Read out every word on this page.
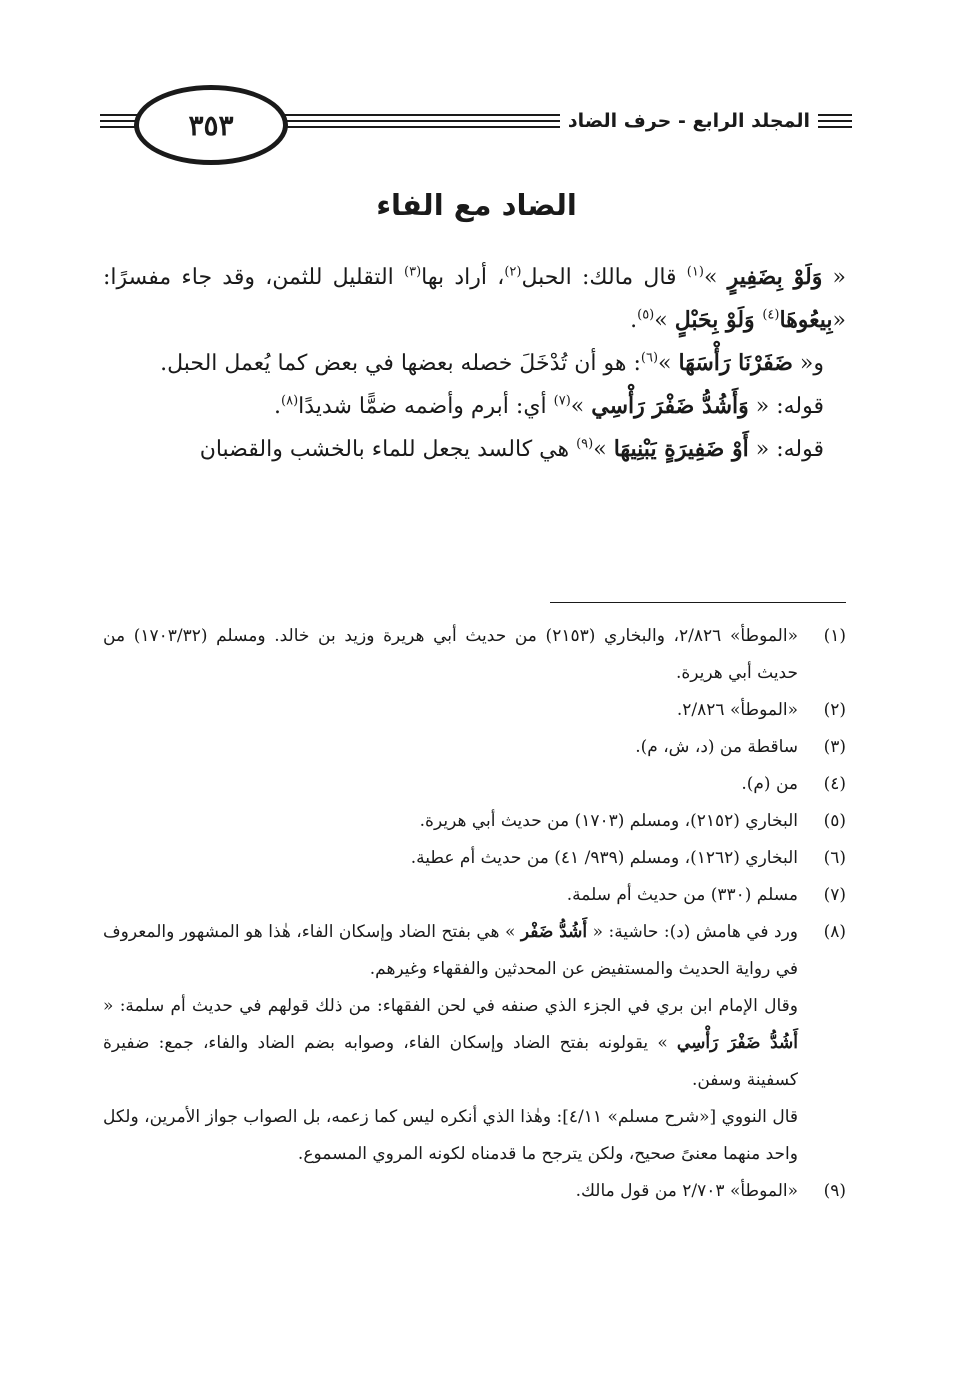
٣٥٣	المجلد الرابع - حرف الضاد
الضاد مع الفاء

« وَلَوْ بِضَفِيرٍ »$^{(١)}$ قال مالك: الحبل$^{(٢)}$، أراد بها$^{(٣)}$ التقليل للثمن، وقد جاء مفسرًا: «بِيعُوهَا$^{(٤)}$ وَلَوْ بِحَبْلٍ »$^{(٥)}$.

و« ضَفَرْنَا رَأْسَهَا »$^{(٦)}$: هو أن تُدْخَلَ خصله بعضها في بعض كما يُعمل الحبل.

قوله: « وَأَشُدُّ ضَفْرَ رَأْسِي »$^{(٧)}$ أي: أبرم وأضمه ضمًّا شديدًا$^{(٨)}$.

قوله: « أَوْ ضَفِيرَةٍ يَبْنِيهَا »$^{(٩)}$ هي كالسد يجعل للماء بالخشب والقضبان

(١)
«الموطأ» ٢/٨٢٦، والبخاري (٢١٥٣) من حديث أبي هريرة وزيد بن خالد. ومسلم (١٧٠٣/٣٢) من حديث أبي هريرة.
(٢)
«الموطأ» ٢/٨٢٦.
(٣)
ساقطة من (د، ش، م).
(٤)
من (م).
(٥)
البخاري (٢١٥٢)، ومسلم (١٧٠٣) من حديث أبي هريرة.
(٦)
البخاري (١٢٦٢)، ومسلم (٩٣٩/ ٤١) من حديث أم عطية.
(٧)
مسلم (٣٣٠) من حديث أم سلمة.
(٨)
ورد في هامش (د): حاشية: « أَشُدُّ ضَفْر » هي بفتح الضاد وإسكان الفاء، هٰذا هو المشهور والمعروف في رواية الحديث والمستفيض عن المحدثين والفقهاء وغيرهم.
وقال الإمام ابن بري في الجزء الذي صنفه في لحن الفقهاء: من ذلك قولهم في حديث أم سلمة: « أَشُدُّ ضَفْرَ رَأْسِي » يقولونه بفتح الضاد وإسكان الفاء، وصوابه بضم الضاد والفاء، جمع: ضفيرة كسفينة وسفن.
قال النووي [«شرح مسلم» ٤/١١]: وهٰذا الذي أنكره ليس كما زعمه، بل الصواب جواز الأمرين، ولكل واحد منهما معنىً صحيح، ولكن يترجح ما قدمناه لكونه المروي المسموع.
(٩)
«الموطأ» ٢/٧٠٣ من قول مالك.
